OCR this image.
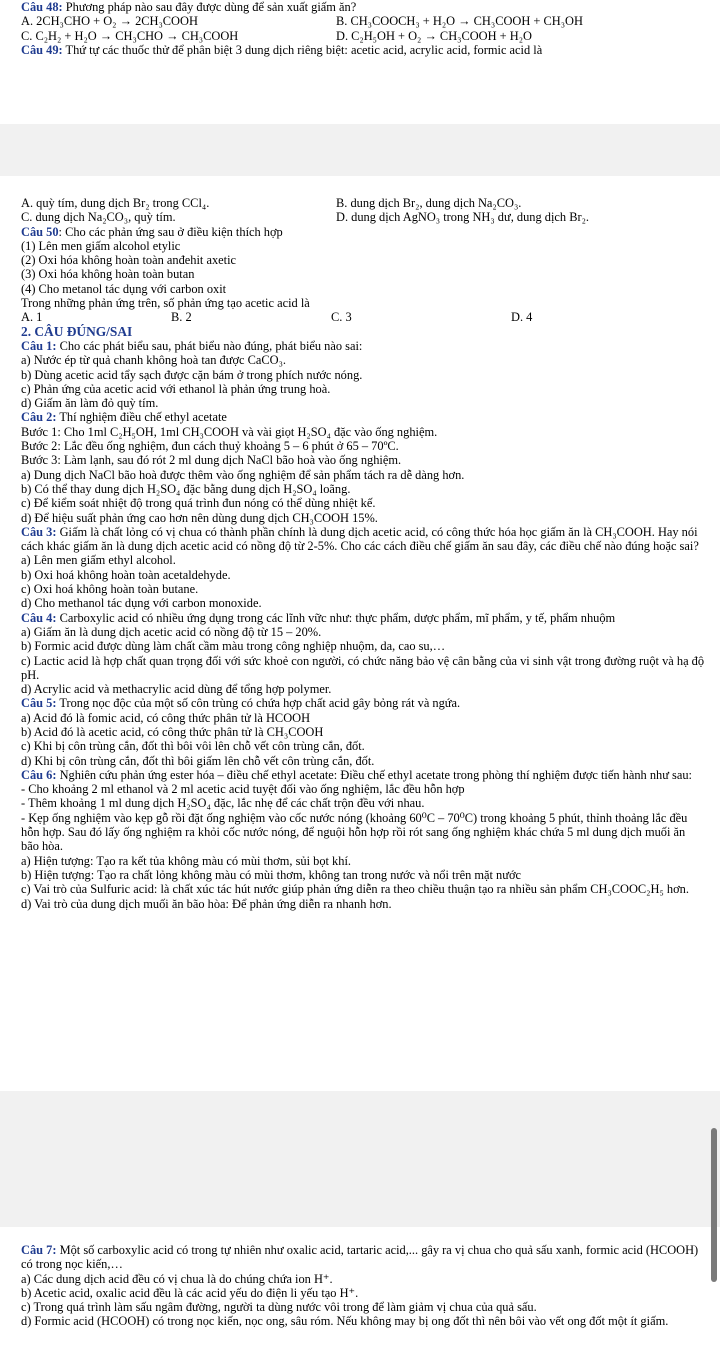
Câu 48: Phương pháp nào sau đây được dùng để sản xuất giấm ăn?
A. 2CH₃CHO + O₂ → 2CH₃COOH	B. CH₃COOCH₃ + H₂O → CH₃COOH + CH₃OH
C. C₂H₂ + H₂O → CH₃CHO → CH₃COOH	D. C₂H₅OH + O₂ → CH₃COOH + H₂O
Câu 49: Thứ tự các thuốc thử để phân biệt 3 dung dịch riêng biệt: acetic acid, acrylic acid, formic acid là
A. quỳ tím, dung dịch Br₂ trong CCl₄.	B. dung dịch Br₂, dung dịch Na₂CO₃.
C. dung dịch Na₂CO₃, quỳ tím.	D. dung dịch AgNO₃ trong NH₃ dư, dung dịch Br₂.
Câu 50: Cho các phản ứng sau ở điều kiện thích hợp
(1) Lên men giấm alcohol etylic
(2) Oxi hóa không hoàn toàn anđehit axetic
(3) Oxi hóa không hoàn toàn butan
(4) Cho metanol tác dụng với carbon oxit
Trong những phản ứng trên, số phản ứng tạo acetic acid là
A. 1	B. 2	C. 3	D. 4
2. CÂU ĐÚNG/SAI
Câu 1: Cho các phát biểu sau, phát biểu nào đúng, phát biểu nào sai:
a) Nước ép từ quả chanh không hoà tan được CaCO₃.
b) Dùng acetic acid tẩy sạch được cặn bám ở trong phích nước nóng.
c) Phản ứng của acetic acid với ethanol là phản ứng trung hoà.
d) Giấm ăn làm đỏ quỳ tím.
Câu 2: Thí nghiệm điều chế ethyl acetate
Bước 1: Cho 1ml C₂H₅OH, 1ml CH₃COOH và vài giọt H₂SO₄ đặc vào ống nghiệm.
Bước 2: Lắc đều ống nghiệm, đun cách thuỷ khoảng 5 – 6 phút ở 65 – 70ºC.
Bước 3: Làm lạnh, sau đó rót 2 ml dung dịch NaCl bão hoà vào ống nghiệm.
a) Dung dịch NaCl bão hoà được thêm vào ống nghiệm để sản phẩm tách ra dễ dàng hơn.
b) Có thể thay dung dịch H₂SO₄ đặc bằng dung dịch H₂SO₄ loãng.
c) Để kiểm soát nhiệt độ trong quá trình đun nóng có thể dùng nhiệt kế.
d) Để hiệu suất phản ứng cao hơn nên dùng dung dịch CH₃COOH 15%.
Câu 3: Giấm là chất lỏng có vị chua có thành phần chính là dung dịch acetic acid, có công thức hóa học giấm ăn là CH₃COOH. Hay nói cách khác giấm ăn là dung dịch acetic acid có nồng độ từ 2-5%. Cho các cách điều chế giấm ăn sau đây, các điều chế nào đúng hoặc sai?
a) Lên men giấm ethyl alcohol.
b) Oxi hoá không hoàn toàn acetaldehyde.
c) Oxi hoá không hoàn toàn butane.
d) Cho methanol tác dụng với carbon monoxide.
Câu 4: Carboxylic acid có nhiều ứng dụng trong các lĩnh vữc như: thực phẩm, dược phẩm, mĩ phẩm, y tế, phẩm nhuộm
a) Giấm ăn là dung dịch acetic acid có nồng độ từ 15 – 20%.
b) Formic acid được dùng làm chất cầm màu trong công nghiệp nhuộm, da, cao su,…
c) Lactic acid là hợp chất quan trọng đối với sức khoẻ con người, có chức năng bảo vệ cân bằng của vi sinh vật trong đường ruột và hạ độ pH.
d) Acrylic acid và methacrylic acid dùng để tổng hợp polymer.
Câu 5: Trong nọc độc của một số côn trùng có chứa hợp chất acid gây bỏng rát và ngứa.
a) Acid đó là fomic acid, có công thức phân tử là HCOOH
b) Acid đó là acetic acid, có công thức phân tử là CH₃COOH
c) Khi bị côn trùng cắn, đốt thì bôi vôi lên chỗ vết côn trùng cắn, đốt.
d) Khi bị côn trùng cắn, đốt thì bôi giấm lên chỗ vết côn trùng cắn, đốt.
Câu 6: Nghiên cứu phản ứng ester hóa – điều chế ethyl acetate: Điều chế ethyl acetate trong phòng thí nghiệm được tiến hành như sau:
- Cho khoảng 2 ml ethanol và 2 ml acetic acid tuyệt đối vào ống nghiệm, lắc đều hỗn hợp
- Thêm khoảng 1 ml dung dịch H₂SO₄ đặc, lắc nhẹ để các chất trộn đều với nhau.
- Kẹp ống nghiệm vào kẹp gỗ rồi đặt ống nghiệm vào cốc nước nóng (khoảng 60⁰C – 70⁰C) trong khoảng 5 phút, thỉnh thoảng lắc đều hỗn hợp. Sau đó lấy ống nghiệm ra khỏi cốc nước nóng, để nguội hỗn hợp rồi rót sang ống nghiệm khác chứa 5 ml dung dịch muối ăn bão hòa.
a) Hiện tượng: Tạo ra kết tủa không màu có mùi thơm, sủi bọt khí.
b) Hiện tượng: Tạo ra chất lỏng không màu có mùi thơm, không tan trong nước và nổi trên mặt nước
c) Vai trò của Sulfuric acid: là chất xúc tác hút nước giúp phản ứng diễn ra theo chiều thuận tạo ra nhiều sản phẩm CH₃COOC₂H₅ hơn.
d) Vai trò của dung dịch muối ăn bão hòa: Để phản ứng diễn ra nhanh hơn.
Câu 7: Một số carboxylic acid có trong tự nhiên như oxalic acid, tartaric acid,... gây ra vị chua cho quả sấu xanh, formic acid (HCOOH) có trong nọc kiến,…
a) Các dung dịch acid đều có vị chua là do chúng chứa ion H⁺.
b) Acetic acid, oxalic acid đều là các acid yếu do điện li yếu tạo H⁺.
c) Trong quá trình làm sấu ngâm đường, người ta dùng nước vôi trong để làm giảm vị chua của quả sấu.
d) Formic acid (HCOOH) có trong nọc kiến, nọc ong, sâu róm. Nếu không may bị ong đốt thì nên bôi vào vết ong đốt một ít giấm.
